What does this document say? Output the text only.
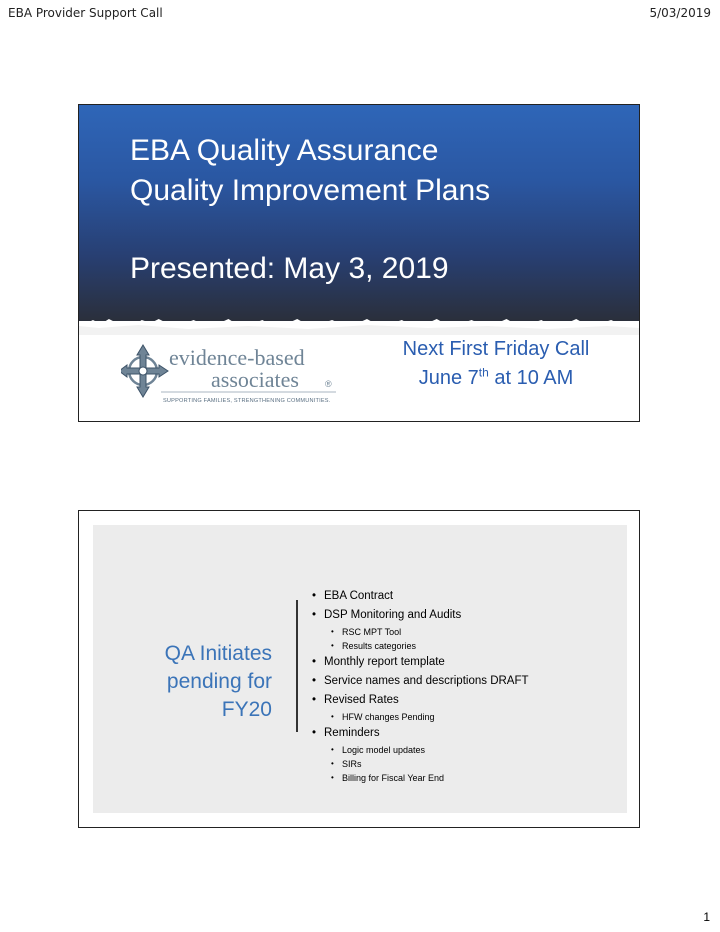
EBA Provider Support Call	5/03/2019
EBA Quality Assurance
Quality Improvement Plans
Presented: May 3, 2019
evidence-based
associates	®
SUPPORTING FAMILIES, STRENGTHENING COMMUNITIES.
Next First Friday Call
June 7th at 10 AM
QA Initiates
pending for
FY20
• EBA Contract
• DSP Monitoring and Audits
• RSC MPT Tool
• Results categories
• Monthly report template
• Service names and descriptions DRAFT
• Revised Rates
• HFW changes Pending
• Reminders
• Logic model updates
• SIRs
• Billing for Fiscal Year End
1
